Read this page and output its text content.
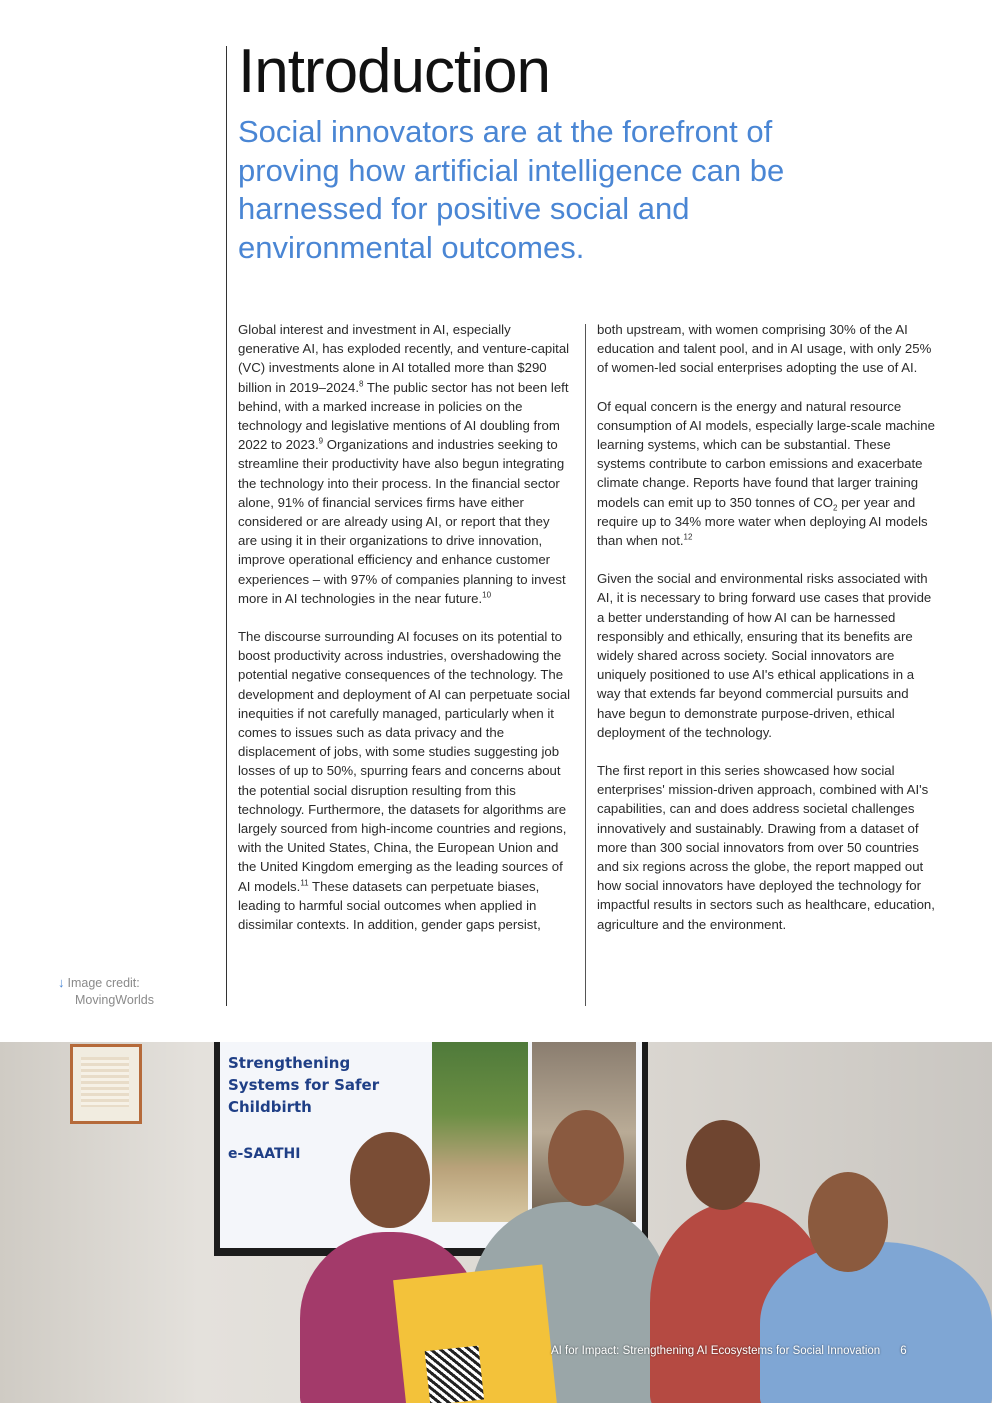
Introduction

Social innovators are at the forefront of proving how artificial intelligence can be harnessed for positive social and environmental outcomes.

Global interest and investment in AI, especially generative AI, has exploded recently, and venture-capital (VC) investments alone in AI totalled more than $290 billion in 2019–2024.$^8$ The public sector has not been left behind, with a marked increase in policies on the technology and legislative mentions of AI doubling from 2022 to 2023.$^9$ Organizations and industries seeking to streamline their productivity have also begun integrating the technology into their process. In the financial sector alone, 91% of financial services firms have either considered or are already using AI, or report that they are using it in their organizations to drive innovation, improve operational efficiency and enhance customer experiences – with 97% of companies planning to invest more in AI technologies in the near future.$^{10}$

The discourse surrounding AI focuses on its potential to boost productivity across industries, overshadowing the potential negative consequences of the technology. The development and deployment of AI can perpetuate social inequities if not carefully managed, particularly when it comes to issues such as data privacy and the displacement of jobs, with some studies suggesting job losses of up to 50%, spurring fears and concerns about the potential social disruption resulting from this technology. Furthermore, the datasets for algorithms are largely sourced from high-income countries and regions, with the United States, China, the European Union and the United Kingdom emerging as the leading sources of AI models.$^{11}$ These datasets can perpetuate biases, leading to harmful social outcomes when applied in dissimilar contexts. In addition, gender gaps persist,

both upstream, with women comprising 30% of the AI education and talent pool, and in AI usage, with only 25% of women-led social enterprises adopting the use of AI.

Of equal concern is the energy and natural resource consumption of AI models, especially large-scale machine learning systems, which can be substantial. These systems contribute to carbon emissions and exacerbate climate change. Reports have found that larger training models can emit up to 350 tonnes of $CO_2$ per year and require up to 34% more water when deploying AI models than when not.$^{12}$

Given the social and environmental risks associated with AI, it is necessary to bring forward use cases that provide a better understanding of how AI can be harnessed responsibly and ethically, ensuring that its benefits are widely shared across society. Social innovators are uniquely positioned to use AI's ethical applications in a way that extends far beyond commercial pursuits and have begun to demonstrate purpose-driven, ethical deployment of the technology.

The first report in this series showcased how social enterprises' mission-driven approach, combined with AI's capabilities, can and does address societal challenges innovatively and sustainably. Drawing from a dataset of more than 300 social innovators from over 50 countries and six regions across the globe, the report mapped out how social innovators have deployed the technology for impactful results in sectors such as healthcare, education, agriculture and the environment.

↓ Image credit:
MovingWorlds
Strengthening
Systems for Safer
Childbirth
e-SAATHI
AI for Impact: Strengthening AI Ecosystems for Social Innovation 6
